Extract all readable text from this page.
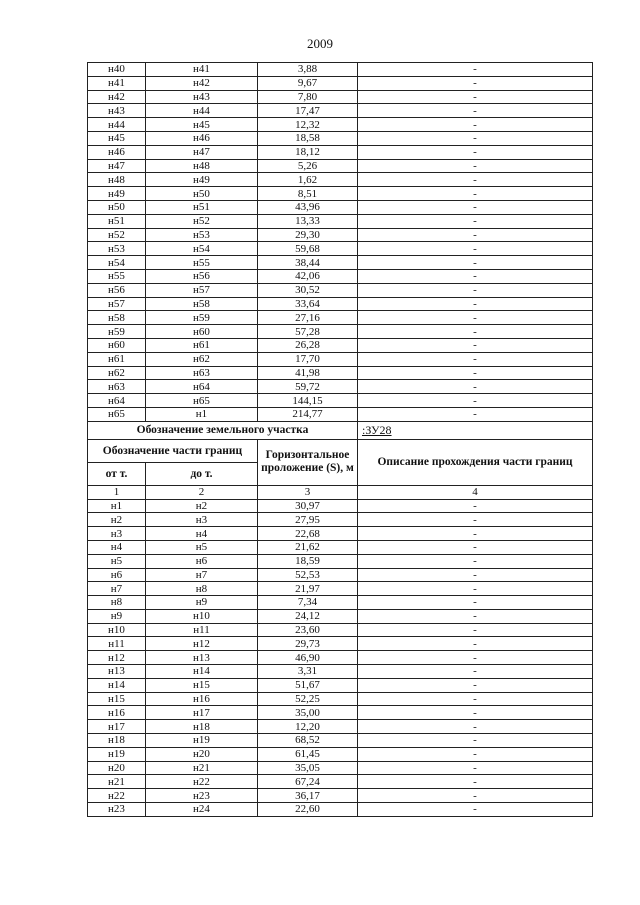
2009
н40	н41	3,88	-
н41	н42	9,67	-
н42	н43	7,80	-
н43	н44	17,47	-
н44	н45	12,32	-
н45	н46	18,58	-
н46	н47	18,12	-
н47	н48	5,26	-
н48	н49	1,62	-
н49	н50	8,51	-
н50	н51	43,96	-
н51	н52	13,33	-
н52	н53	29,30	-
н53	н54	59,68	-
н54	н55	38,44	-
н55	н56	42,06	-
н56	н57	30,52	-
н57	н58	33,64	-
н58	н59	27,16	-
н59	н60	57,28	-
н60	н61	26,28	-
н61	н62	17,70	-
н62	н63	41,98	-
н63	н64	59,72	-
н64	н65	144,15	-
н65	н1	214,77	-
Обозначение земельного участка			:ЗУ28
Обозначение части границ		Горизонтальное проложение (S), м	Описание прохождения части границ
от т.	до т.		
1	2	3	4
н1	н2	30,97	-
н2	н3	27,95	-
н3	н4	22,68	-
н4	н5	21,62	-
н5	н6	18,59	-
н6	н7	52,53	-
н7	н8	21,97	-
н8	н9	7,34	-
н9	н10	24,12	-
н10	н11	23,60	-
н11	н12	29,73	-
н12	н13	46,90	-
н13	н14	3,31	-
н14	н15	51,67	-
н15	н16	52,25	-
н16	н17	35,00	-
н17	н18	12,20	-
н18	н19	68,52	-
н19	н20	61,45	-
н20	н21	35,05	-
н21	н22	67,24	-
н22	н23	36,17	-
н23	н24	22,60	-
